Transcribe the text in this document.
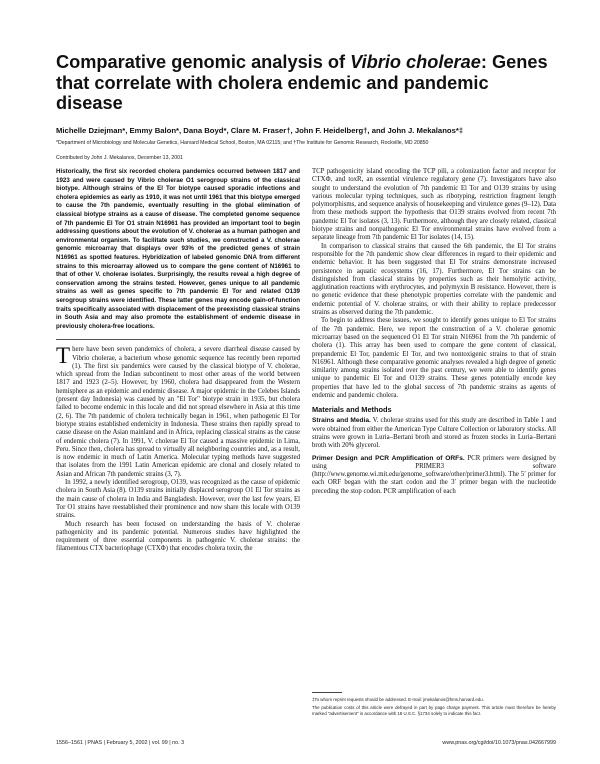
Comparative genomic analysis of Vibrio cholerae: Genes that correlate with cholera endemic and pandemic disease
Michelle Dziejman*, Emmy Balon*, Dana Boyd*, Clare M. Fraser†, John F. Heidelberg†, and John J. Mekalanos*‡
*Department of Microbiology and Molecular Genetics, Harvard Medical School, Boston, MA 02115; and †The Institute for Genomic Research, Rockville, MD 20850
Contributed by John J. Mekalanos, December 13, 2001

Historically, the first six recorded cholera pandemics occurred between 1817 and 1923 and were caused by Vibrio cholerae O1 serogroup strains of the classical biotype. Although strains of the El Tor biotype caused sporadic infections and cholera epidemics as early as 1910, it was not until 1961 that this biotype emerged to cause the 7th pandemic, eventually resulting in the global elimination of classical biotype strains as a cause of disease. The completed genome sequence of 7th pandemic El Tor O1 strain N16961 has provided an important tool to begin addressing questions about the evolution of V. cholerae as a human pathogen and environmental organism. To facilitate such studies, we constructed a V. cholerae genomic microarray that displays over 93% of the predicted genes of strain N16961 as spotted features. Hybridization of labeled genomic DNA from different strains to this microarray allowed us to compare the gene content of N16961 to that of other V. cholerae isolates. Surprisingly, the results reveal a high degree of conservation among the strains tested. However, genes unique to all pandemic strains as well as genes specific to 7th pandemic El Tor and related O139 serogroup strains were identified. These latter genes may encode gain-of-function traits specifically associated with displacement of the preexisting classical strains in South Asia and may also promote the establishment of endemic disease in previously cholera-free locations.

There have been seven pandemics of cholera, a severe diarrheal disease caused by Vibrio cholerae, a bacterium whose genomic sequence has recently been reported (1). The first six pandemics were caused by the classical biotype of V. cholerae, which spread from the Indian subcontinent to most other areas of the world between 1817 and 1923 (2–5). However, by 1960, cholera had disappeared from the Western hemisphere as an epidemic and endemic disease. A major epidemic in the Celebes Islands (present day Indonesia) was caused by an "El Tor" biotype strain in 1935, but cholera failed to become endemic in this locale and did not spread elsewhere in Asia at this time (2, 6). The 7th pandemic of cholera technically began in 1961, when pathogenic El Tor biotype strains established endemicity in Indonesia. These strains then rapidly spread to cause disease on the Asian mainland and in Africa, replacing classical strains as the cause of endemic cholera (7). In 1991, V. cholerae El Tor caused a massive epidemic in Lima, Peru. Since then, cholera has spread to virtually all neighboring countries and, as a result, is now endemic in much of Latin America. Molecular typing methods have suggested that isolates from the 1991 Latin American epidemic are clonal and closely related to Asian and African 7th pandemic strains (3, 7).

In 1992, a newly identified serogroup, O139, was recognized as the cause of epidemic cholera in South Asia (8). O139 strains initially displaced serogroup O1 El Tor strains as the main cause of cholera in India and Bangladesh. However, over the last few years, El Tor O1 strains have reestablished their prominence and now share this locale with O139 strains.

Much research has been focused on understanding the basis of V. cholerae pathogenicity and its pandemic potential. Numerous studies have highlighted the requirement of three essential components in pathogenic V. cholerae strains: the filamentous CTX bacteriophage (CTXΦ) that encodes cholera toxin, the

TCP pathogenicity island encoding the TCP pili, a colonization factor and receptor for CTXΦ, and toxR, an essential virulence regulatory gene (7). Investigators have also sought to understand the evolution of 7th pandemic El Tor and O139 strains by using various molecular typing techniques, such as ribotyping, restriction fragment length polymorphisms, and sequence analysis of housekeeping and virulence genes (9–12). Data from these methods support the hypothesis that O139 strains evolved from recent 7th pandemic El Tor isolates (3, 13). Furthermore, although they are closely related, classical biotype strains and nonpathogenic El Tor environmental strains have evolved from a separate lineage from 7th pandemic El Tor isolates (14, 15).

In comparison to classical strains that caused the 6th pandemic, the El Tor strains responsible for the 7th pandemic show clear differences in regard to their epidemic and endemic behavior. It has been suggested that El Tor strains demonstrate increased persistence in aquatic ecosystems (16, 17). Furthermore, El Tor strains can be distinguished from classical strains by properties such as their hemolytic activity, agglutination reactions with erythrocytes, and polymyxin B resistance. However, there is no genetic evidence that these phenotypic properties correlate with the pandemic and endemic potential of V. cholerae strains, or with their ability to replace predecessor strains as observed during the 7th pandemic.

To begin to address these issues, we sought to identify genes unique to El Tor strains of the 7th pandemic. Here, we report the construction of a V. cholerae genomic microarray based on the sequenced O1 El Tor strain N16961 from the 7th pandemic of cholera (1). This array has been used to compare the gene content of classical, prepandemic El Tor, pandemic El Tor, and two nontoxigenic strains to that of strain N16961. Although these comparative genomic analyses revealed a high degree of genetic similarity among strains isolated over the past century, we were able to identify genes unique to pandemic El Tor and O139 strains. These genes potentially encode key properties that have led to the global success of 7th pandemic strains as agents of endemic and pandemic cholera.

Materials and Methods

Strains and Media. V. cholerae strains used for this study are described in Table 1 and were obtained from either the American Type Culture Collection or laboratory stocks. All strains were grown in Luria–Bertani broth and stored as frozen stocks in Luria–Bertani broth with 20% glycerol.

Primer Design and PCR Amplification of ORFs. PCR primers were designed by using PRIMER3 software (http://www.genome.wi.mit.edu/genome_software/other/primer3.html). The 5′ primer for each ORF began with the start codon and the 3′ primer began with the nucleotide preceding the stop codon. PCR amplification of each

‡To whom reprint requests should be addressed. E-mail: jmekalanos@hms.harvard.edu.

The publication costs of this article were defrayed in part by page charge payment. This article must therefore be hereby marked "advertisement" in accordance with 18 U.S.C. §1734 solely to indicate this fact.

1556–1561 | PNAS | February 5, 2002 | vol. 99 | no. 3	www.pnas.org/cgi/doi/10.1073/pnas.042667999
